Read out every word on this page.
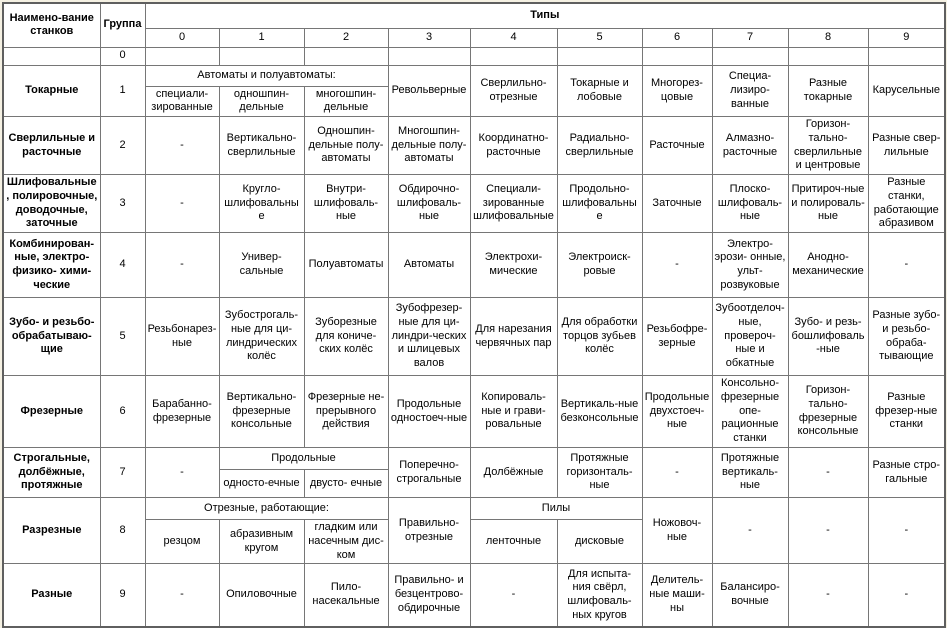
Наимено-вание станков	Группа	Типы									
		0	1	2	3	4	5	6	7	8	9
	0										
Токарные	1	Автоматы и полуавтоматы:			Револьверные	Сверлильно-отрезные	Токарные и лобовые	Многорез-цовые	Специа-лизиро-ванные	Разные токарные	Карусельные
		специали-зированные	одношпин-дельные	многошпин-дельные							
Сверлильные и расточные	2	-	Вертикально-сверлильные	Одношпин-дельные полу-автоматы	Многошпин-дельные полу-автоматы	Координатно-расточные	Радиально-сверлильные	Расточные	Алмазно-расточные	Горизон-тально-сверлильные и центровые	Разные свер-лильные
Шлифовальные, полировочные, доводочные, заточные	3	-	Кругло-шлифовальные	Внутри-шлифоваль-ные	Обдирочно-шлифоваль-ные	Специали-зированные шлифовальные	Продольно-шлифовальные	Заточные	Плоско-шлифоваль-ные	Притироч-ные и полироваль-ные	Разные станки, работающие абразивом
Комбинирован-ные, электро-физико- хими-ческие	4	-	Универ-сальные	Полуавтоматы	Автоматы	Электрохи-мические	Электроиск-ровые	-	Электро-эрози- онные, ульт-розвуковые	Анодно-механические	-
Зубо- и резьбо-обрабатываю-щие	5	Резьбонарез-ные	Зубострогаль-ные для ци-линдрических колёс	Зуборезные для кониче-ских колёс	Зубофрезер-ные для ци-линдри-ческих и шлицевых валов	Для нарезания червячных пар	Для обработки торцов зубьев колёс	Резьбофре-зерные	Зубоотделоч-ные, провероч-ные и обкатные	Зубо- и резь-бошлифоваль-ные	Разные зубо- и резьбо-обраба-тывающие
Фрезерные	6	Барабанно-фрезерные	Вертикально-фрезерные консольные	Фрезерные не-прерывного действия	Продольные одностоеч-ные	Копироваль-ные и грави-ровальные	Вертикаль-ные безконсольные	Продольные двухстоеч-ные	Консольно-фрезерные опе-рационные станки	Горизон-тально-фрезерные консольные	Разные фрезер-ные станки
Строгальные, долбёжные, протяжные	7	-	Продольные		Поперечно-строгальные	Долбёжные	Протяжные горизонталь-ные	-	Протяжные вертикаль-ные	-	Разные стро-гальные
			односто-ечные	двусто- ечные							
Разрезные	8	Отрезные, работающие:			Правильно-отрезные	Пилы		Ножовоч-ные	-	-	-
		резцом	абразивным кругом	гладким или насечным дис-ком		ленточные	дисковые				
Разные	9	-	Опиловочные	Пило-насекальные	Правильно- и безцентрово-обдирочные	-	Для испыта-ния свёрл, шлифоваль-ных кругов	Делитель-ные маши-ны	Балансиро-вочные	-	-
